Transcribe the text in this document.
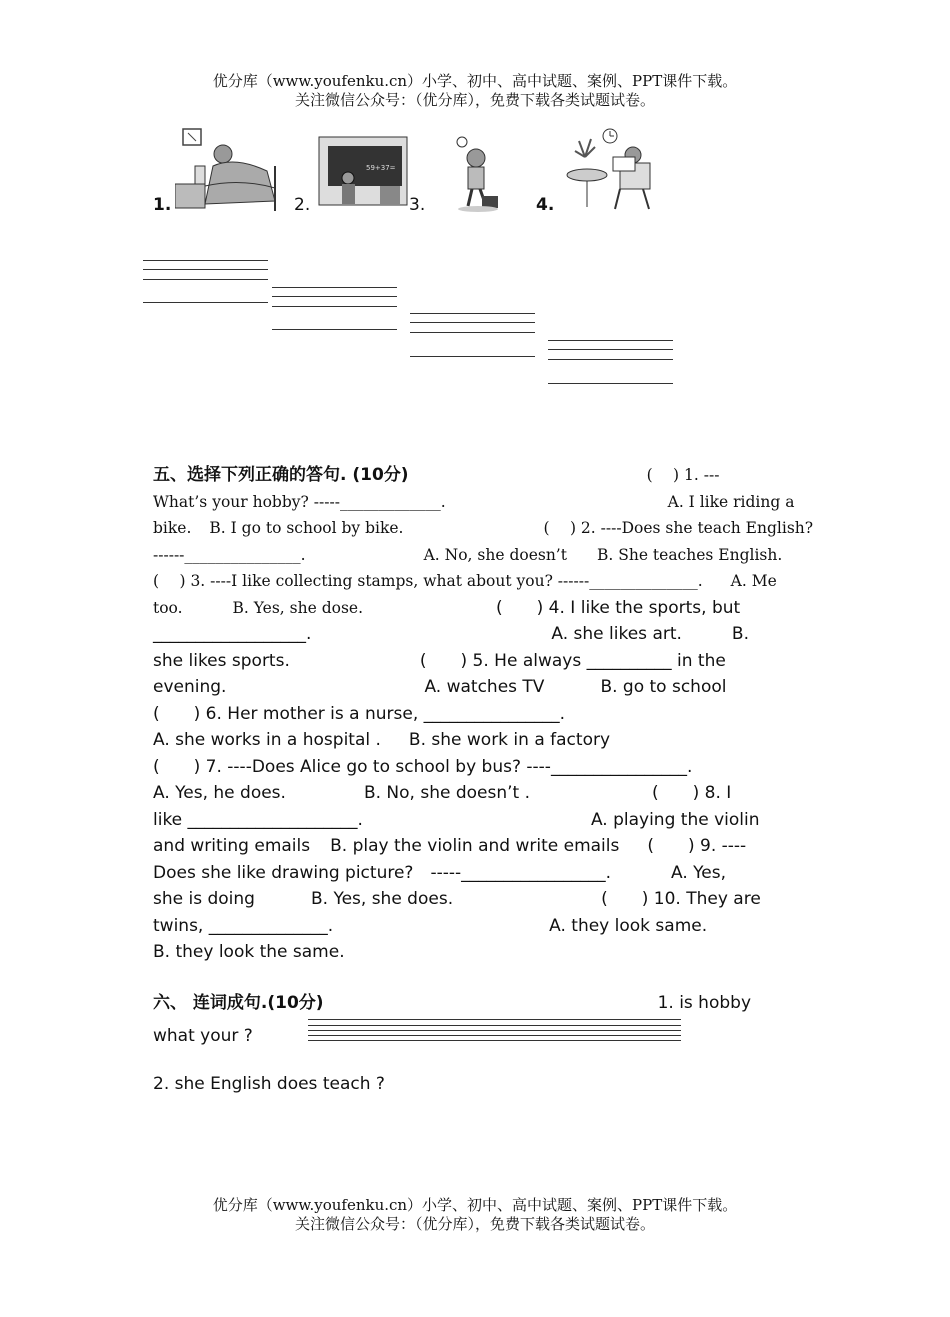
优分库（www.youfenku.cn）小学、初中、高中试题、案例、PPT课件下载。
关注微信公众号：（优分库），免费下载各类试题试卷。
59+37=
1.	2.	3.	4.
五、选择下列正确的答句. (10分)	(　 ) 1. ---
What’s your hobby? -----_____________.	A. I like riding a
bike. B. I go to school by bike.	(　 ) 2. ----Does she teach English?
------_______________.	A. No, she doesn’t B. She teaches English.
(　 ) 3. ----I like collecting stamps, what about you? ------______________. A. Me
too.	B. Yes, she dose.	(　　) 4. I like the sports, but
__________________.	A. she likes art.	B.
she likes sports.	(　　) 5. He always __________ in the
evening.	A. watches TV	B. go to school
(　　) 6. Her mother is a nurse, ________________.
A. she works in a hospital . B. she work in a factory
(　　) 7. ----Does Alice go to school by bus? ----________________.
A. Yes, he does.	B. No, she doesn’t .	(　　) 8. I
like ____________________.	A. playing the violin
and writing emails B. play the violin and write emails (　　) 9. ----
Does she like drawing picture?　-----_________________.	A. Yes,
she is doing	B. Yes, she does.	(　　) 10. They are
twins, ______________.	A. they look same.
B. they look the same.
六、 连词成句.(10分)	1. is hobby
what your ?
2. she English does teach ?
优分库（www.youfenku.cn）小学、初中、高中试题、案例、PPT课件下载。
关注微信公众号：（优分库），免费下载各类试题试卷。
